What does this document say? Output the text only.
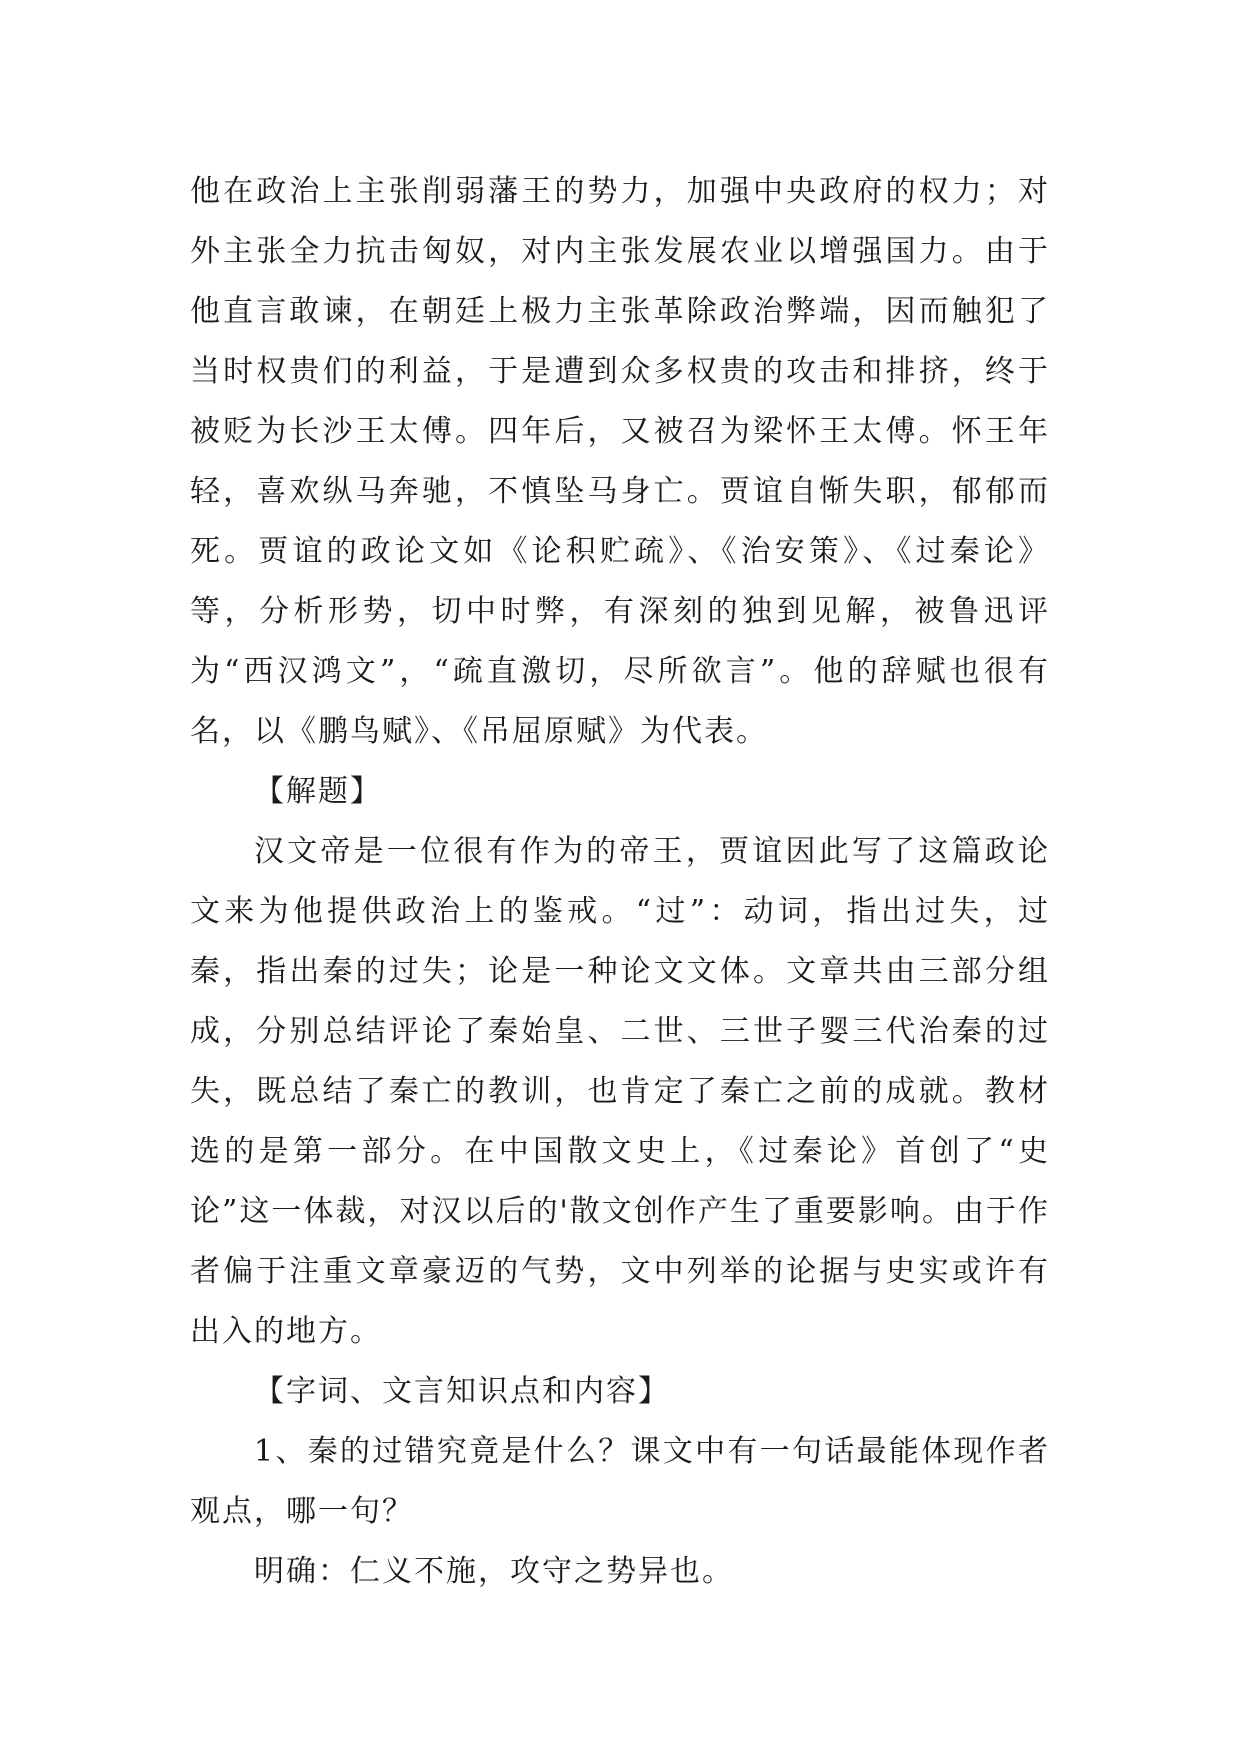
他在政治上主张削弱藩王的势力，加强中央政府的权力；对外主张全力抗击匈奴，对内主张发展农业以增强国力。由于他直言敢谏，在朝廷上极力主张革除政治弊端，因而触犯了当时权贵们的利益，于是遭到众多权贵的攻击和排挤，终于被贬为长沙王太傅。四年后，又被召为梁怀王太傅。怀王年轻，喜欢纵马奔驰，不慎坠马身亡。贾谊自惭失职，郁郁而死。贾谊的政论文如《论积贮疏》、《治安策》、《过秦论》等，分析形势，切中时弊，有深刻的独到见解，被鲁迅评为“西汉鸿文”，“疏直激切，尽所欲言”。他的辞赋也很有名，以《鹏鸟赋》、《吊屈原赋》为代表。

【解题】

汉文帝是一位很有作为的帝王，贾谊因此写了这篇政论文来为他提供政治上的鉴戒。“过”：动词，指出过失，过秦，指出秦的过失；论是一种论文文体。文章共由三部分组成，分别总结评论了秦始皇、二世、三世子婴三代治秦的过失，既总结了秦亡的教训，也肯定了秦亡之前的成就。教材选的是第一部分。在中国散文史上，《过秦论》首创了“史论”这一体裁，对汉以后的'散文创作产生了重要影响。由于作者偏于注重文章豪迈的气势，文中列举的论据与史实或许有出入的地方。

【字词、文言知识点和内容】

1、秦的过错究竟是什么？课文中有一句话最能体现作者观点，哪一句？

明确：仁义不施，攻守之势异也。
